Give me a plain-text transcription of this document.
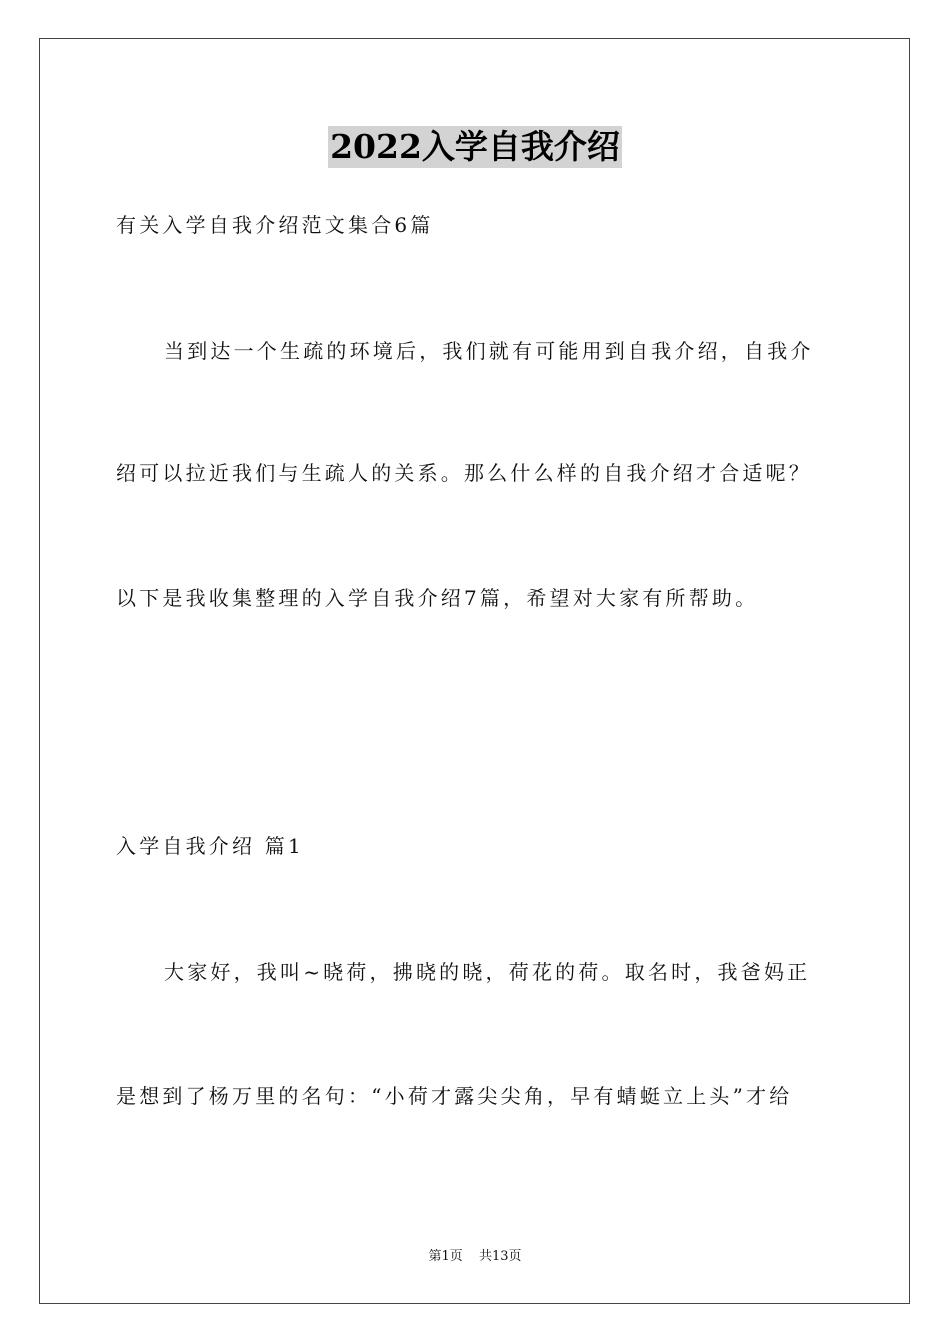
2022入学自我介绍
有关入学自我介绍范文集合6篇
当到达一个生疏的环境后，我们就有可能用到自我介绍，自我介
绍可以拉近我们与生疏人的关系。那么什么样的自我介绍才合适呢？
以下是我收集整理的入学自我介绍7篇，希望对大家有所帮助。
入学自我介绍 篇1
大家好，我叫~晓荷，拂晓的晓，荷花的荷。取名时，我爸妈正
是想到了杨万里的名句：“小荷才露尖尖角，早有蜻蜓立上头”才给
第1页 共13页
